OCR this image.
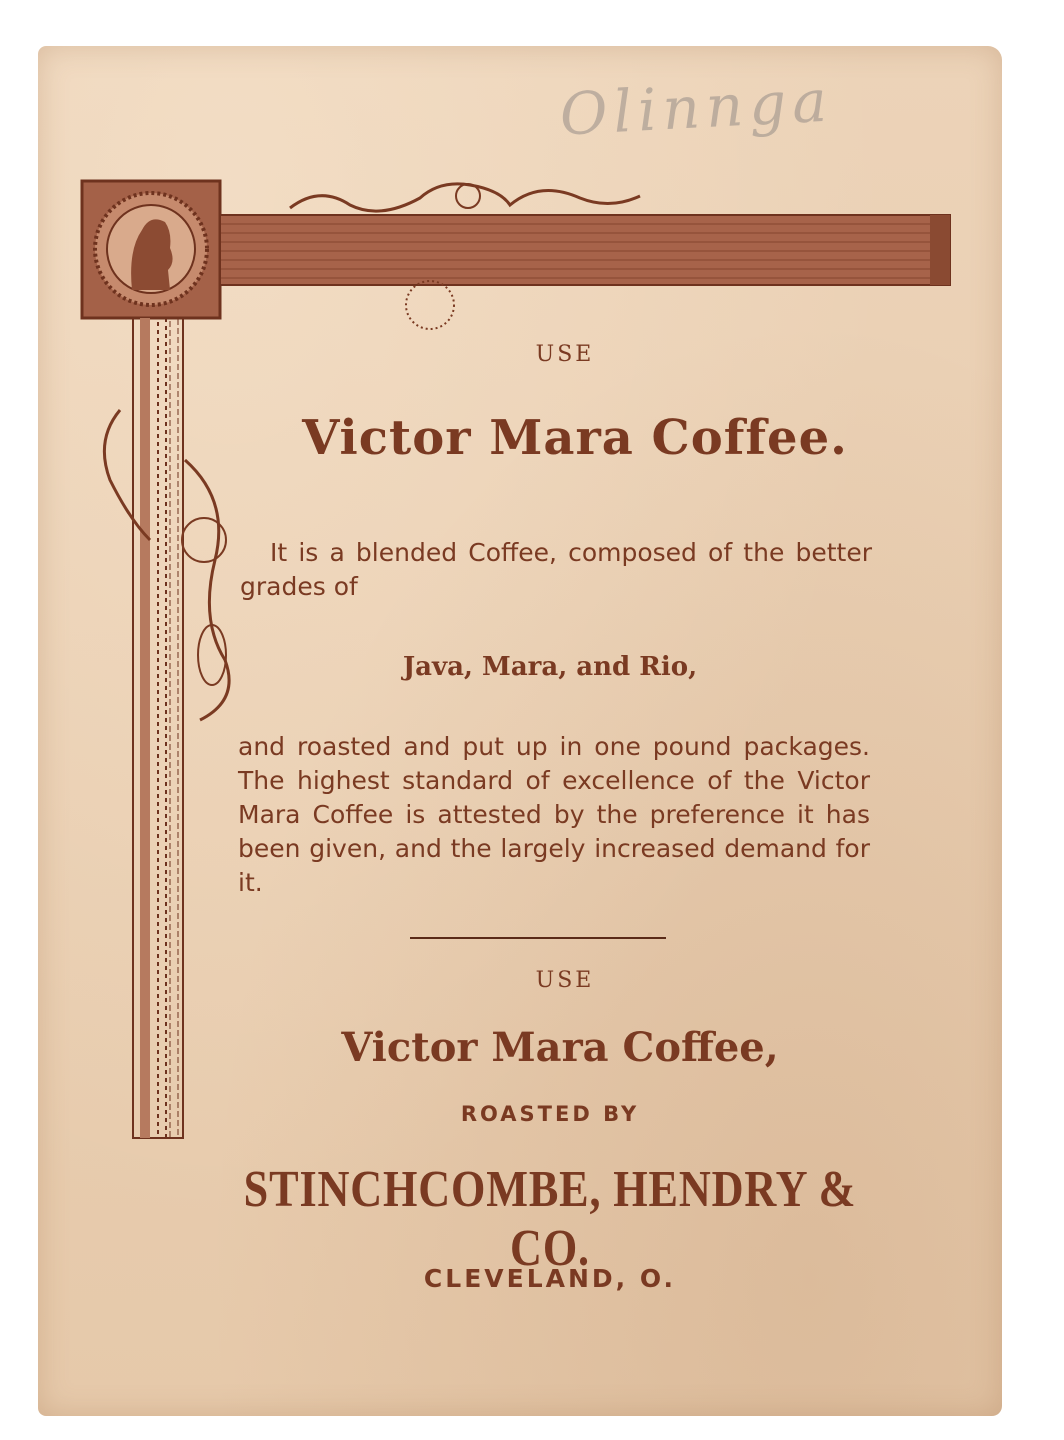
Olinnga
USE
Victor Mara Coffee.
It is a blended Coffee, composed of the better grades of
Java, Mara, and Rio,
and roasted and put up in one pound packages. The highest standard of excellence of the Victor Mara Coffee is attested by the preference it has been given, and the largely increased demand for it.
USE
Victor Mara Coffee,
ROASTED BY
STINCHCOMBE, HENDRY & CO.
CLEVELAND, O.
